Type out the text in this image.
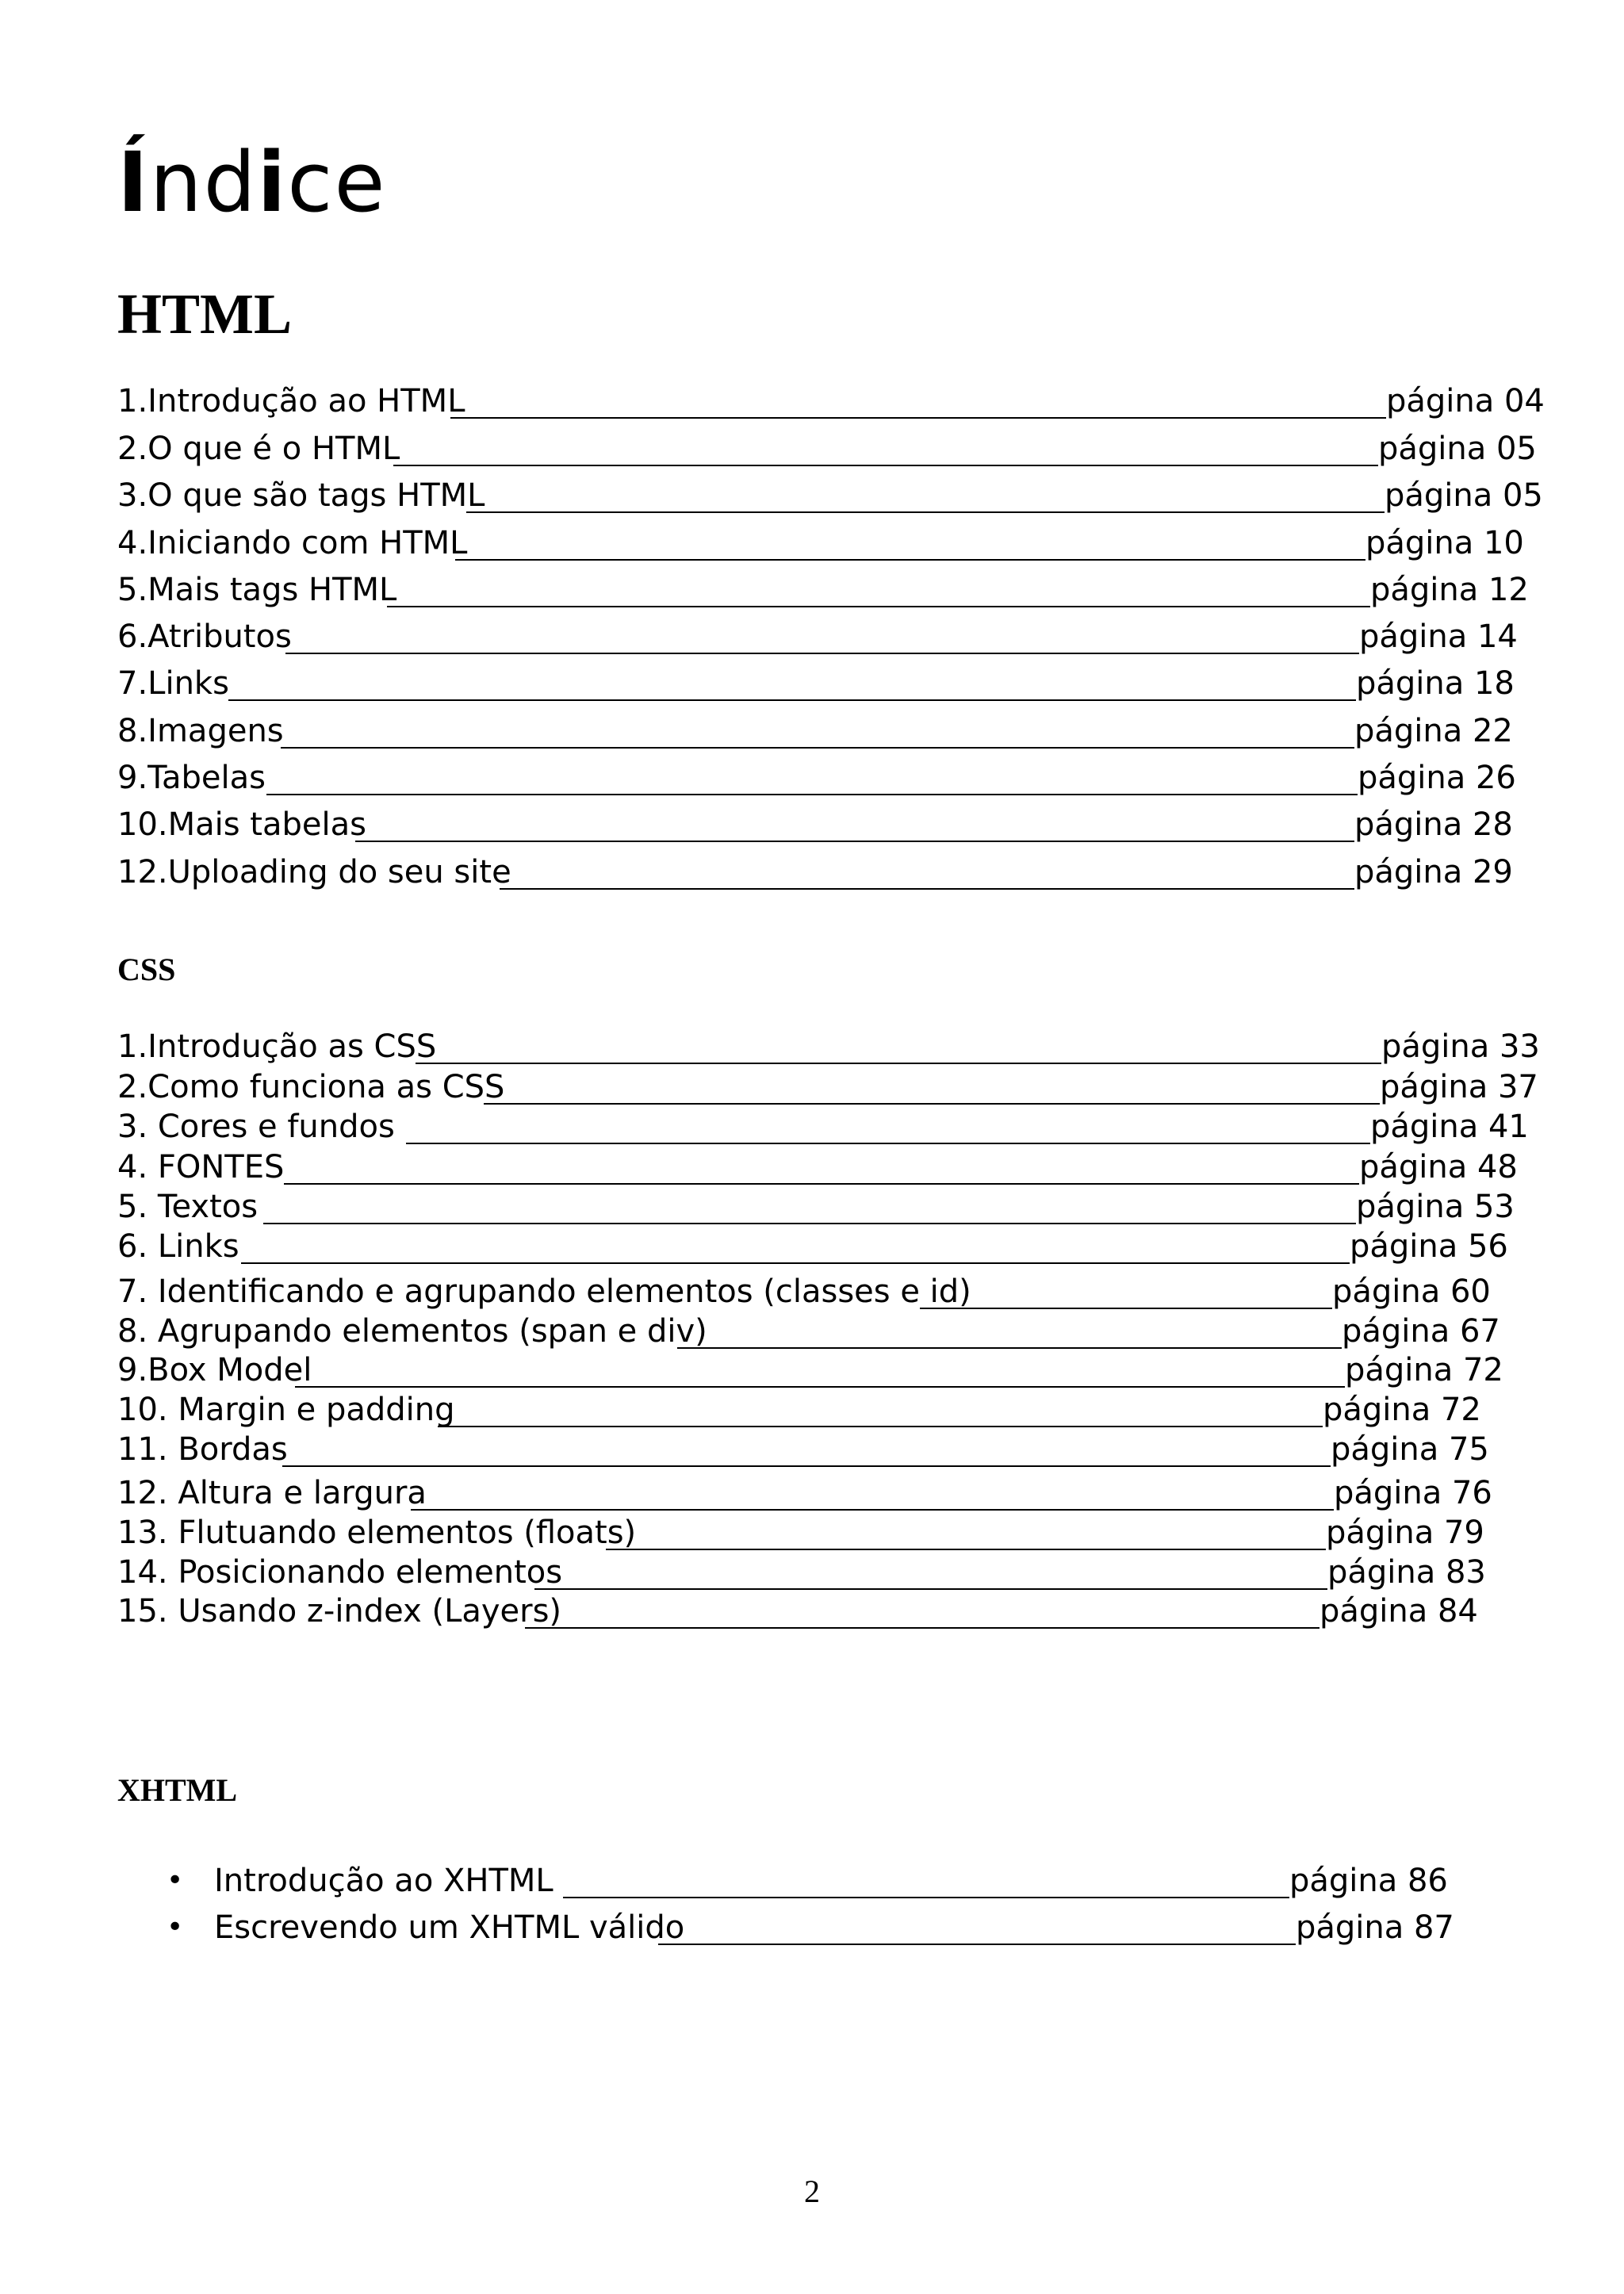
Índice
HTML
1.Introdução ao HTML	página 04
2.O que é o HTML	página 05
3.O que são tags HTML	página 05
4.Iniciando com HTML	página 10
5.Mais tags HTML	página 12
6.Atributos	página 14
7.Links	página 18
8.Imagens	página 22
9.Tabelas	página 26
10.Mais tabelas	página 28
12.Uploading do seu site	página 29
CSS
1.Introdução as CSS	página 33
2.Como funciona as CSS	página 37
3. Cores e fundos	página 41
4. FONTES	página 48
5. Textos	página 53
6. Links	página 56
7. Identificando e agrupando elementos (classes e id)	página 60
8. Agrupando elementos (span e div)	página 67
9.Box Model	página 72
10. Margin e padding	página 72
11. Bordas	página 75
12. Altura e largura	página 76
13. Flutuando elementos (floats)	página 79
14. Posicionando elementos	página 83
15. Usando z-index (Layers)	página 84
XHTML
• Introdução ao XHTML	página 86
• Escrevendo um XHTML válido	página 87
2
